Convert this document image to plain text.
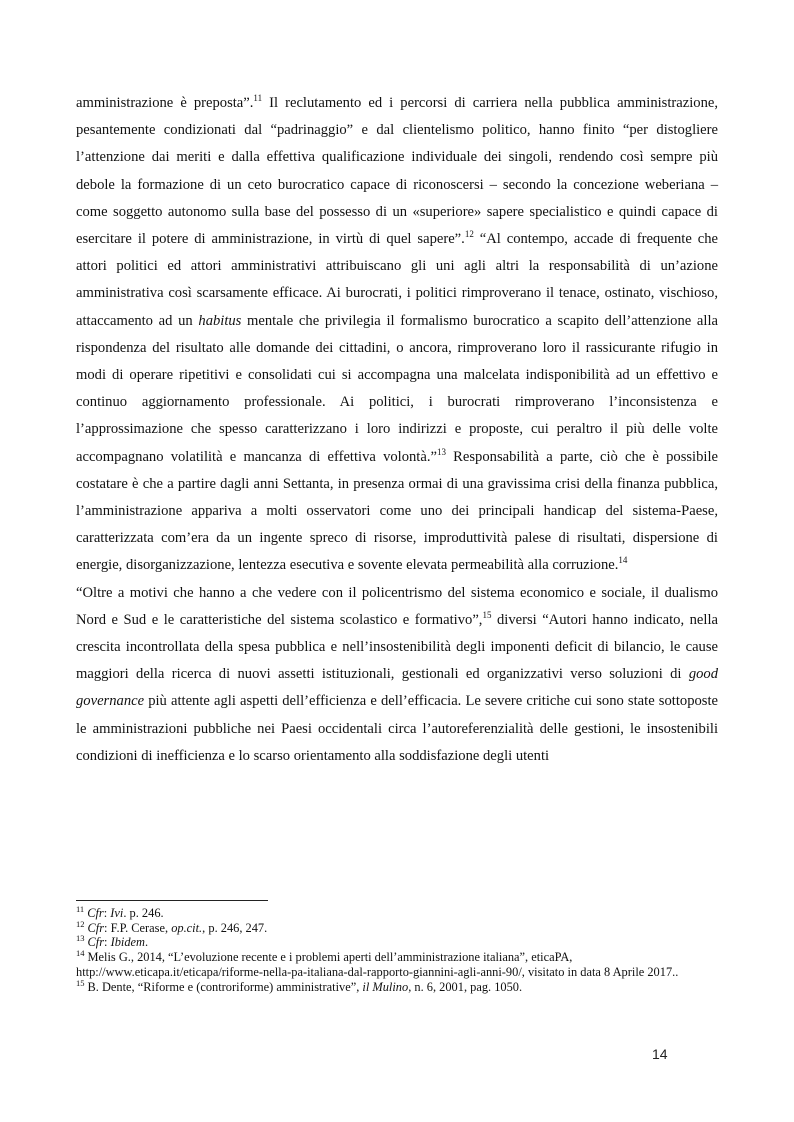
amministrazione è preposta”.$^{11}$ Il reclutamento ed i percorsi di carriera nella pubblica amministrazione, pesantemente condizionati dal “padrinaggio” e dal clientelismo politico, hanno finito “per distogliere l’attenzione dai meriti e dalla effettiva qualificazione individuale dei singoli, rendendo così sempre più debole la formazione di un ceto burocratico capace di riconoscersi – secondo la concezione weberiana – come soggetto autonomo sulla base del possesso di un «superiore» sapere specialistico e quindi capace di esercitare il potere di amministrazione, in virtù di quel sapere”.$^{12}$ “Al contempo, accade di frequente che attori politici ed attori amministrativi attribuiscano gli uni agli altri la responsabilità di un’azione amministrativa così scarsamente efficace. Ai burocrati, i politici rimproverano il tenace, ostinato, vischioso, attaccamento ad un habitus mentale che privilegia il formalismo burocratico a scapito dell’attenzione alla rispondenza del risultato alle domande dei cittadini, o ancora, rimproverano loro il rassicurante rifugio in modi di operare ripetitivi e consolidati cui si accompagna una malcelata indisponibilità ad un effettivo e continuo aggiornamento professionale. Ai politici, i burocrati rimproverano l’inconsistenza e l’approssimazione che spesso caratterizzano i loro indirizzi e proposte, cui peraltro il più delle volte accompagnano volatilità e mancanza di effettiva volontà.”$^{13}$ Responsabilità a parte, ciò che è possibile costatare è che a partire dagli anni Settanta, in presenza ormai di una gravissima crisi della finanza pubblica, l’amministrazione appariva a molti osservatori come uno dei principali handicap del sistema-Paese, caratterizzata com’era da un ingente spreco di risorse, improduttività palese di risultati, dispersione di energie, disorganizzazione, lentezza esecutiva e sovente elevata permeabilità alla corruzione.$^{14}$

“Oltre a motivi che hanno a che vedere con il policentrismo del sistema economico e sociale, il dualismo Nord e Sud e le caratteristiche del sistema scolastico e formativo”,$^{15}$ diversi “Autori hanno indicato, nella crescita incontrollata della spesa pubblica e nell’insostenibilità degli imponenti deficit di bilancio, le cause maggiori della ricerca di nuovi assetti istituzionali, gestionali ed organizzativi verso soluzioni di good governance più attente agli aspetti dell’efficienza e dell’efficacia. Le severe critiche cui sono state sottoposte le amministrazioni pubbliche nei Paesi occidentali circa l’autoreferenzialità delle gestioni, le insostenibili condizioni di inefficienza e lo scarso orientamento alla soddisfazione degli utenti

$^{11}$ Cfr: Ivi. p. 246.

$^{12}$ Cfr: F.P. Cerase, op.cit., p. 246, 247.

$^{13}$ Cfr: Ibidem.

$^{14}$ Melis G., 2014, “L’evoluzione recente e i problemi aperti dell’amministrazione italiana”, eticaPA, http://www.eticapa.it/eticapa/riforme-nella-pa-italiana-dal-rapporto-giannini-agli-anni-90/, visitato in data 8 Aprile 2017..

$^{15}$ B. Dente, “Riforme e (controriforme) amministrative”, il Mulino, n. 6, 2001, pag. 1050.

14
